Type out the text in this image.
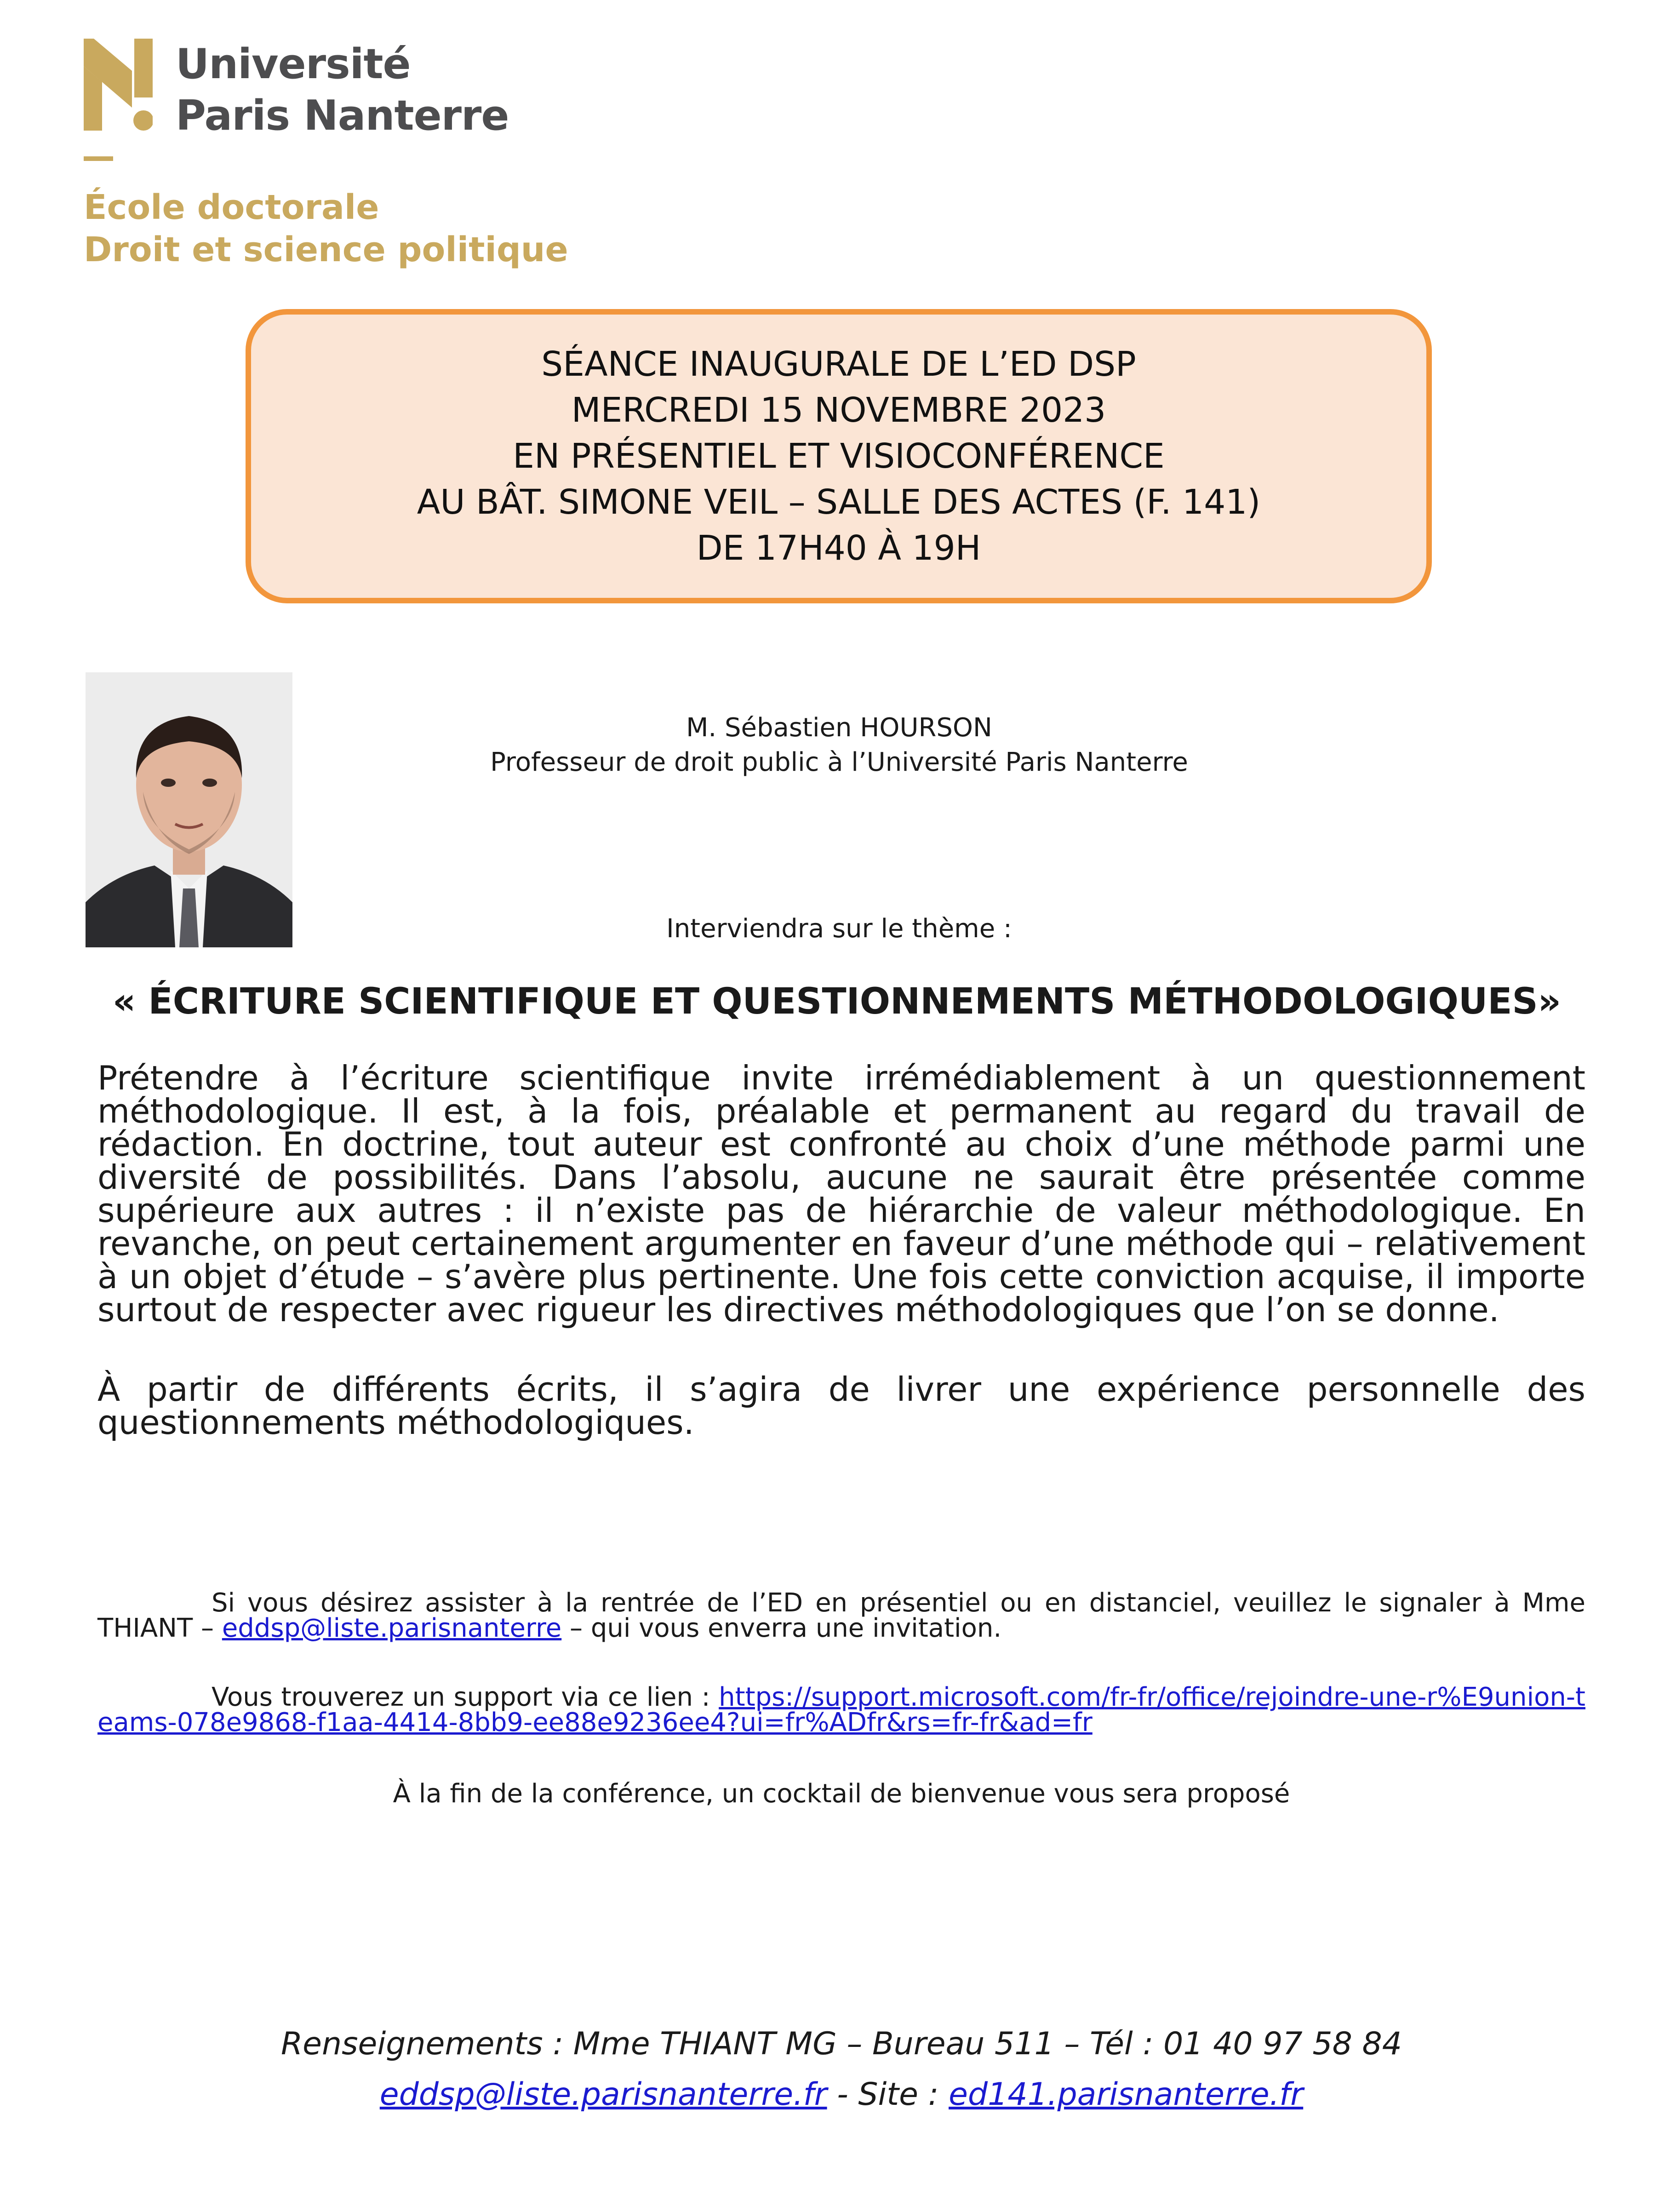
Université
Paris Nanterre
École doctorale
Droit et science politique
SÉANCE INAUGURALE DE L’ED DSP
MERCREDI 15 NOVEMBRE 2023
EN PRÉSENTIEL ET VISIOCONFÉRENCE
AU BÂT. SIMONE VEIL – SALLE DES ACTES (F. 141)
DE 17H40 À 19H
M. Sébastien HOURSON
Professeur de droit public à l’Université Paris Nanterre
Interviendra sur le thème :
« ÉCRITURE SCIENTIFIQUE ET QUESTIONNEMENTS MÉTHODOLOGIQUES»

Prétendre à l’écriture scientifique invite irrémédiablement à un questionnement méthodologique. Il est, à la fois, préalable et permanent au regard du travail de rédaction. En doctrine, tout auteur est confronté au choix d’une méthode parmi une diversité de possibilités. Dans l’absolu, aucune ne saurait être présentée comme supérieure aux autres : il n’existe pas de hiérarchie de valeur méthodologique. En revanche, on peut certainement argumenter en faveur d’une méthode qui – relativement à un objet d’étude – s’avère plus pertinente. Une fois cette conviction acquise, il importe surtout de respecter avec rigueur les directives méthodologiques que l’on se donne.

À partir de différents écrits, il s’agira de livrer une expérience personnelle des questionnements méthodologiques.

Si vous désirez assister à la rentrée de l’ED en présentiel ou en distanciel, veuillez le signaler à Mme THIANT – eddsp@liste.parisnanterre – qui vous enverra une invitation.

Vous trouverez un support via ce lien : https://support.microsoft.com/fr-fr/office/rejoindre-une-r%E9union-teams-078e9868-f1aa-4414-8bb9-ee88e9236ee4?ui=fr%ADfr&rs=fr-fr&ad=fr

À la fin de la conférence, un cocktail de bienvenue vous sera proposé
Renseignements : Mme THIANT MG – Bureau 511 – Tél : 01 40 97 58 84
eddsp@liste.parisnanterre.fr - Site : ed141.parisnanterre.fr
